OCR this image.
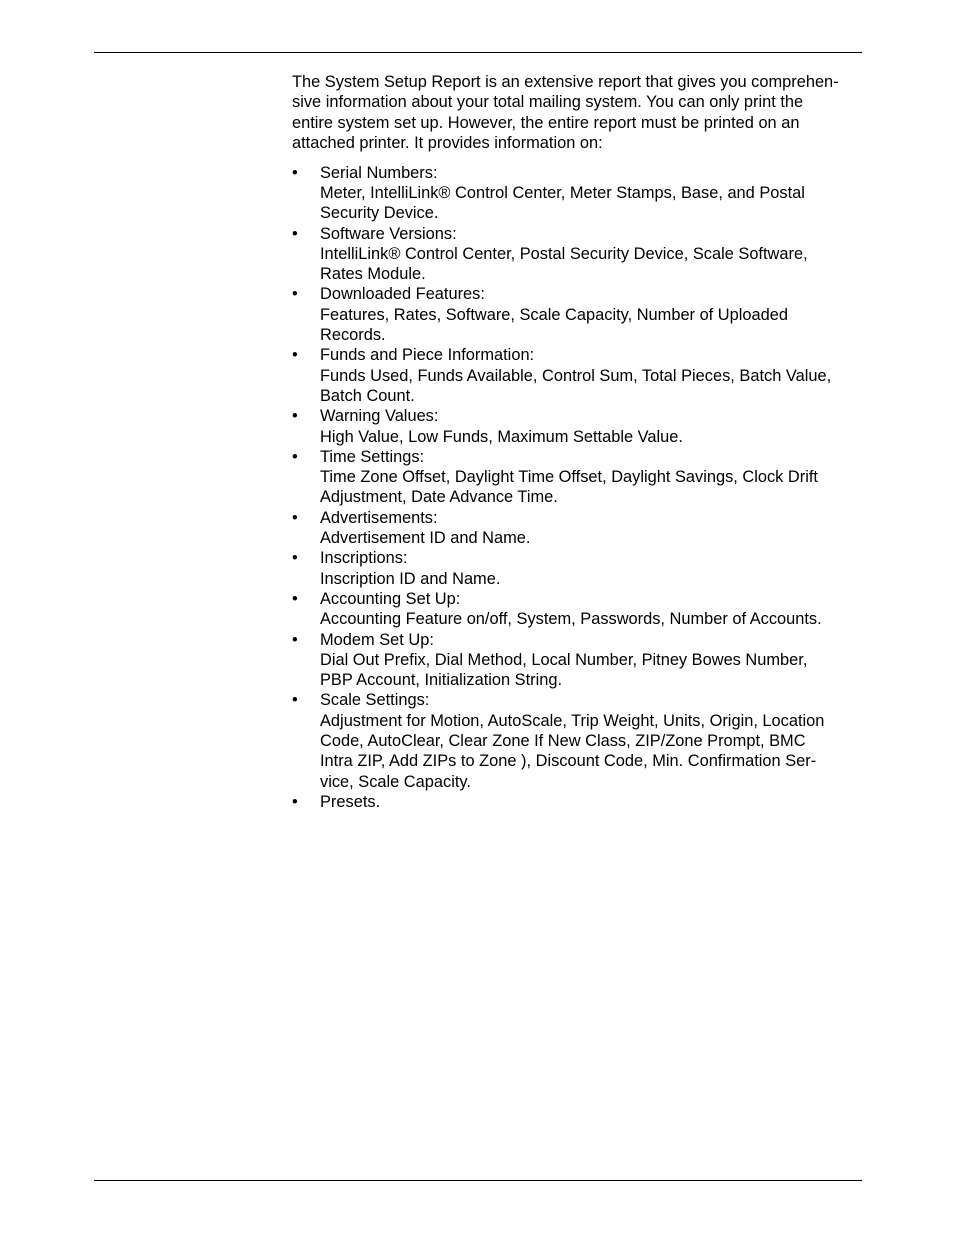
The System Setup Report is an extensive report that gives you comprehen-
sive information about your total mailing system. You can only print the
entire system set up. However, the entire report must be printed on an
attached printer. It provides information on:

•	Serial Numbers:
Meter, IntelliLink® Control Center, Meter Stamps, Base, and Postal
Security Device.
•	Software Versions:
IntelliLink® Control Center, Postal Security Device, Scale Software,
Rates Module.
•	Downloaded Features:
Features, Rates, Software, Scale Capacity, Number of Uploaded
Records.
•	Funds and Piece Information:
Funds Used, Funds Available, Control Sum, Total Pieces, Batch Value,
Batch Count.
•	Warning Values:
High Value, Low Funds, Maximum Settable Value.
•	Time Settings:
Time Zone Offset, Daylight Time Offset, Daylight Savings, Clock Drift
Adjustment, Date Advance Time.
•	Advertisements:
Advertisement ID and Name.
•	Inscriptions:
Inscription ID and Name.
•	Accounting Set Up:
Accounting Feature on/off, System, Passwords, Number of Accounts.
•	Modem Set Up:
Dial Out Prefix, Dial Method, Local Number, Pitney Bowes Number,
PBP Account, Initialization String.
•	Scale Settings:
Adjustment for Motion, AutoScale, Trip Weight, Units, Origin, Location
Code, AutoClear, Clear Zone If New Class, ZIP/Zone Prompt, BMC
Intra ZIP, Add ZIPs to Zone ), Discount Code, Min. Confirmation Ser-
vice, Scale Capacity.
•	Presets.
